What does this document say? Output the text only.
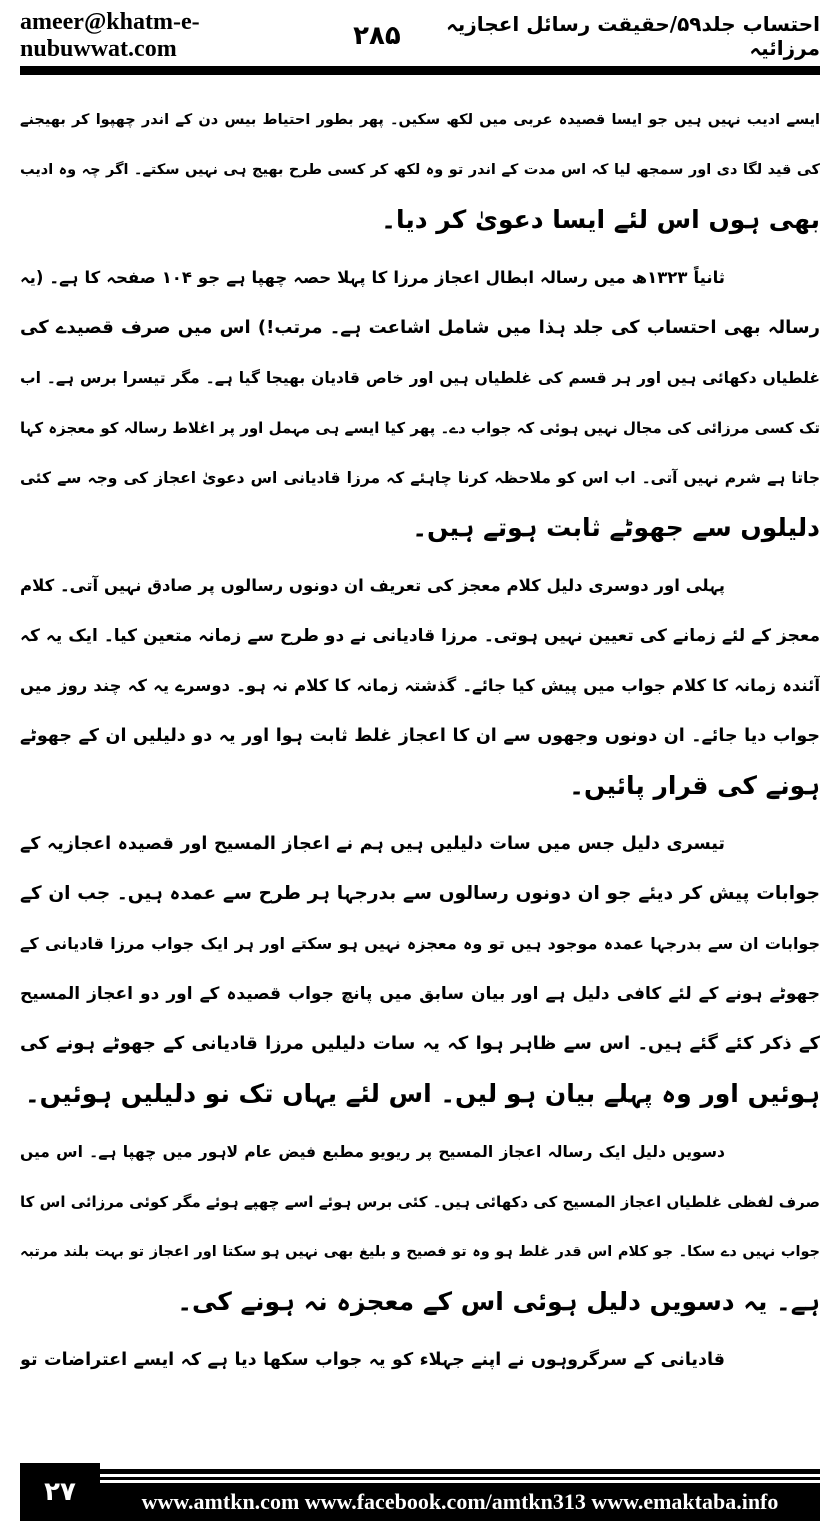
ameer@khatm-e-nubuwwat.com	۲۸۵	احتساب جلد۵۹/حقیقت رسائل اعجازیہ مرزائیہ
ایسے ادیب نہیں ہیں جو ایسا قصیدہ عربی میں لکھ سکیں۔ پھر بطور احتیاط بیس دن کے اندر چھپوا کر بھیجنے
کی قید لگا دی اور سمجھ لیا کہ اس مدت کے اندر تو وہ لکھ کر کسی طرح بھیج ہی نہیں سکتے۔ اگر چہ وہ ادیب
بھی ہوں اس لئے ایسا دعویٰ کر دیا۔
ثانیاً ۱۳۲۳ھ میں رسالہ ابطال اعجاز مرزا کا پہلا حصہ چھپا ہے جو ۱۰۴ صفحہ کا ہے۔ (یہ
رسالہ بھی احتساب کی جلد ہذا میں شامل اشاعت ہے۔ مرتب!) اس میں صرف قصیدے کی
غلطیاں دکھائی ہیں اور ہر قسم کی غلطیاں ہیں اور خاص قادیان بھیجا گیا ہے۔ مگر تیسرا برس ہے۔ اب
تک کسی مرزائی کی مجال نہیں ہوئی کہ جواب دے۔ پھر کیا ایسے ہی مہمل اور پر اغلاط رسالہ کو معجزہ کہا
جاتا ہے شرم نہیں آتی۔ اب اس کو ملاحظہ کرنا چاہئے کہ مرزا قادیانی اس دعویٰ اعجاز کی وجہ سے کئی
دلیلوں سے جھوٹے ثابت ہوتے ہیں۔
پہلی اور دوسری دلیل کلام معجز کی تعریف ان دونوں رسالوں پر صادق نہیں آتی۔ کلام
معجز کے لئے زمانے کی تعیین نہیں ہوتی۔ مرزا قادیانی نے دو طرح سے زمانہ متعین کیا۔ ایک یہ کہ
آئندہ زمانہ کا کلام جواب میں پیش کیا جائے۔ گذشتہ زمانہ کا کلام نہ ہو۔ دوسرے یہ کہ چند روز میں
جواب دیا جائے۔ ان دونوں وجھوں سے ان کا اعجاز غلط ثابت ہوا اور یہ دو دلیلیں ان کے جھوٹے
ہونے کی قرار پائیں۔
تیسری دلیل جس میں سات دلیلیں ہیں ہم نے اعجاز المسیح اور قصیدہ اعجازیہ کے
جوابات پیش کر دیئے جو ان دونوں رسالوں سے بدرجہا ہر طرح سے عمدہ ہیں۔ جب ان کے
جوابات ان سے بدرجہا عمدہ موجود ہیں تو وہ معجزہ نہیں ہو سکتے اور ہر ایک جواب مرزا قادیانی کے
جھوٹے ہونے کے لئے کافی دلیل ہے اور بیان سابق میں پانچ جواب قصیدہ کے اور دو اعجاز المسیح
کے ذکر کئے گئے ہیں۔ اس سے ظاہر ہوا کہ یہ سات دلیلیں مرزا قادیانی کے جھوٹے ہونے کی
ہوئیں اور وہ پہلے بیان ہو لیں۔ اس لئے یہاں تک نو دلیلیں ہوئیں۔
دسویں دلیل ایک رسالہ اعجاز المسیح پر ریویو مطبع فیض عام لاہور میں چھپا ہے۔ اس میں
صرف لفظی غلطیاں اعجاز المسیح کی دکھائی ہیں۔ کئی برس ہوئے اسے چھپے ہوئے مگر کوئی مرزائی اس کا
جواب نہیں دے سکا۔ جو کلام اس قدر غلط ہو وہ تو فصیح و بلیغ بھی نہیں ہو سکتا اور اعجاز تو بہت بلند مرتبہ
ہے۔ یہ دسویں دلیل ہوئی اس کے معجزہ نہ ہونے کی۔
قادیانی کے سرگروہوں نے اپنے جہلاء کو یہ جواب سکھا دیا ہے کہ ایسے اعتراضات تو
۲۷	www.amtkn.com www.facebook.com/amtkn313 www.emaktaba.info
